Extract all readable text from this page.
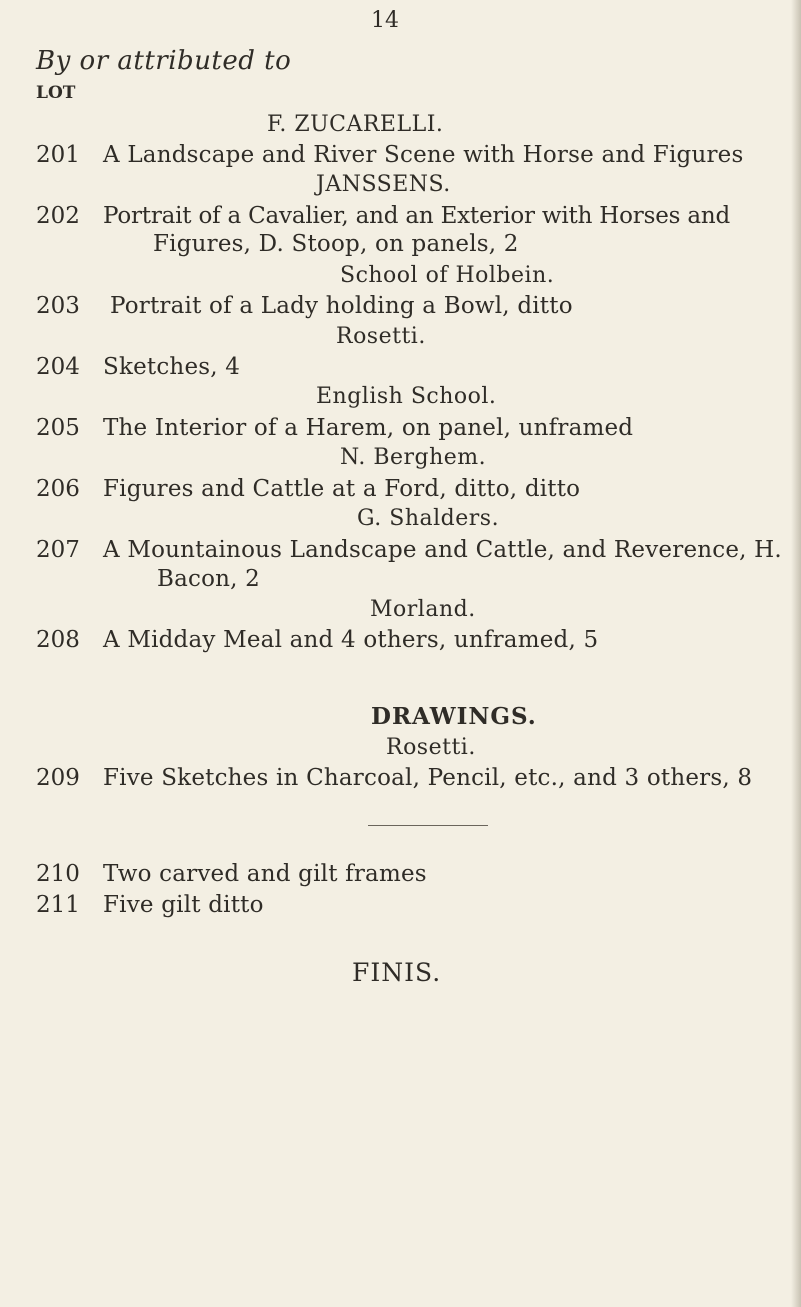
14
By or attributed to
LOT
F. ZUCARELLI.
201 A Landscape and River Scene with Horse and Figures
JANSSENS.
202 Portrait of a Cavalier, and an Exterior with Horses and
Figures, D. Stoop, on panels, 2
School of Holbein.
203 Portrait of a Lady holding a Bowl, ditto
Rosetti.
204 Sketches, 4
English School.
205 The Interior of a Harem, on panel, unframed
N. Berghem.
206 Figures and Cattle at a Ford, ditto, ditto
G. Shalders.
207 A Mountainous Landscape and Cattle, and Reverence, H.
Bacon, 2
Morland.
208 A Midday Meal and 4 others, unframed, 5
DRAWINGS.
Rosetti.
209 Five Sketches in Charcoal, Pencil, etc., and 3 others, 8
210 Two carved and gilt frames
211 Five gilt ditto
FINIS.
